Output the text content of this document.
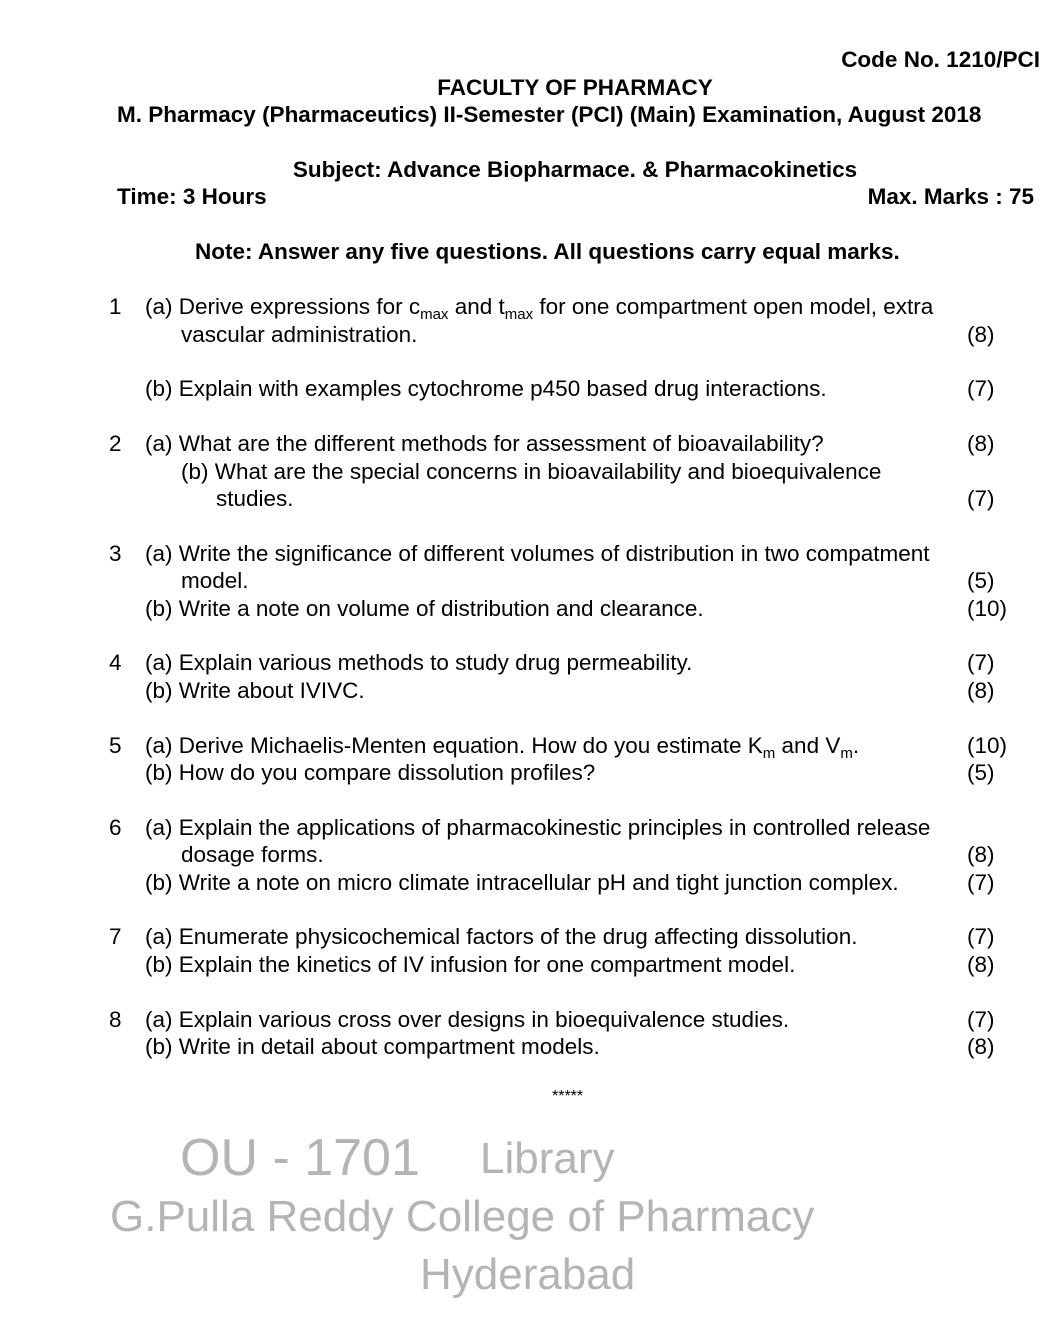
Code No. 1210/PCI
FACULTY OF PHARMACY
M. Pharmacy (Pharmaceutics) II-Semester (PCI) (Main) Examination, August 2018
Subject: Advance Biopharmace. & Pharmacokinetics
Time: 3 Hours	Max. Marks : 75
Note: Answer any five questions. All questions carry equal marks.
1 (a) Derive expressions for $c_{max}$ and $t_{max}$ for one compartment open model, extra
vascular administration.	(8)
(b) Explain with examples cytochrome p450 based drug interactions.	(7)
2 (a) What are the different methods for assessment of bioavailability?	(8)
(b) What are the special concerns in bioavailability and bioequivalence
studies.	(7)
3 (a) Write the significance of different volumes of distribution in two compatment
model.	(5)
(b) Write a note on volume of distribution and clearance.	(10)
4 (a) Explain various methods to study drug permeability.	(7)
(b) Write about IVIVC.	(8)
5 (a) Derive Michaelis-Menten equation. How do you estimate $K_m$ and $V_m$.	(10)
(b) How do you compare dissolution profiles?	(5)
6 (a) Explain the applications of pharmacokinestic principles in controlled release
dosage forms.	(8)
(b) Write a note on micro climate intracellular pH and tight junction complex.	(7)
7 (a) Enumerate physicochemical factors of the drug affecting dissolution.	(7)
(b) Explain the kinetics of IV infusion for one compartment model.	(8)
8 (a) Explain various cross over designs in bioequivalence studies.	(7)
(b) Write in detail about compartment models.	(8)
*****
OU - 1701 Library
G.Pulla Reddy College of Pharmacy
Hyderabad
